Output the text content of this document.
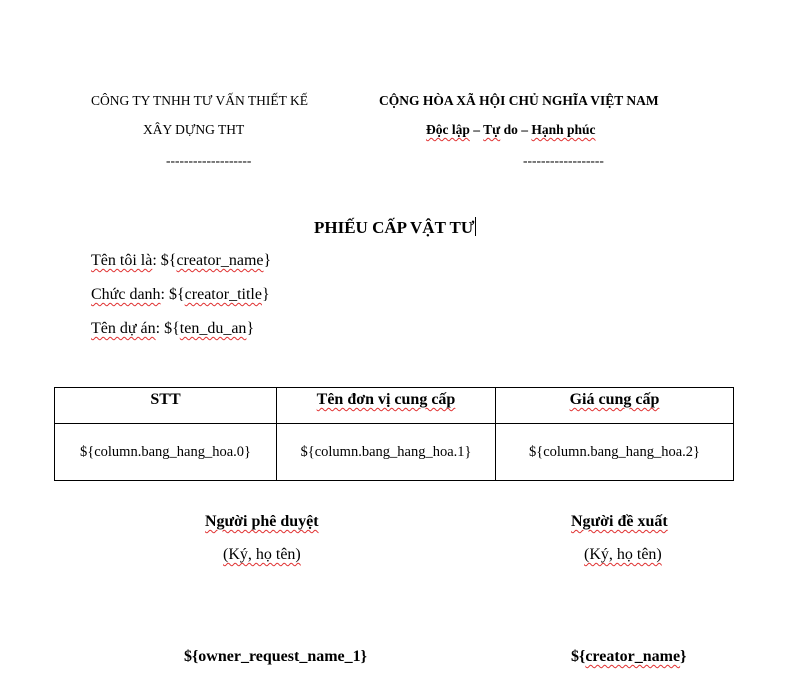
CÔNG TY TNHH TƯ VẤN THIẾT KẾ
XÂY DỰNG THT
-------------------
CỘNG HÒA XÃ HỘI CHỦ NGHĨA VIỆT NAM
Độc lập – Tự do – Hạnh phúc
------------------
PHIẾU CẤP VẬT TƯ
Tên tôi là: ${creator_name}
Chức danh: ${creator_title}
Tên dự án: ${ten_du_an}
STT	Tên đơn vị cung cấp	Giá cung cấp
${column.bang_hang_hoa.0}	${column.bang_hang_hoa.1}	${column.bang_hang_hoa.2}
Người phê duyệt
(Ký, họ tên)
${owner_request_name_1}
Người đề xuất
(Ký, họ tên)
${creator_name}
